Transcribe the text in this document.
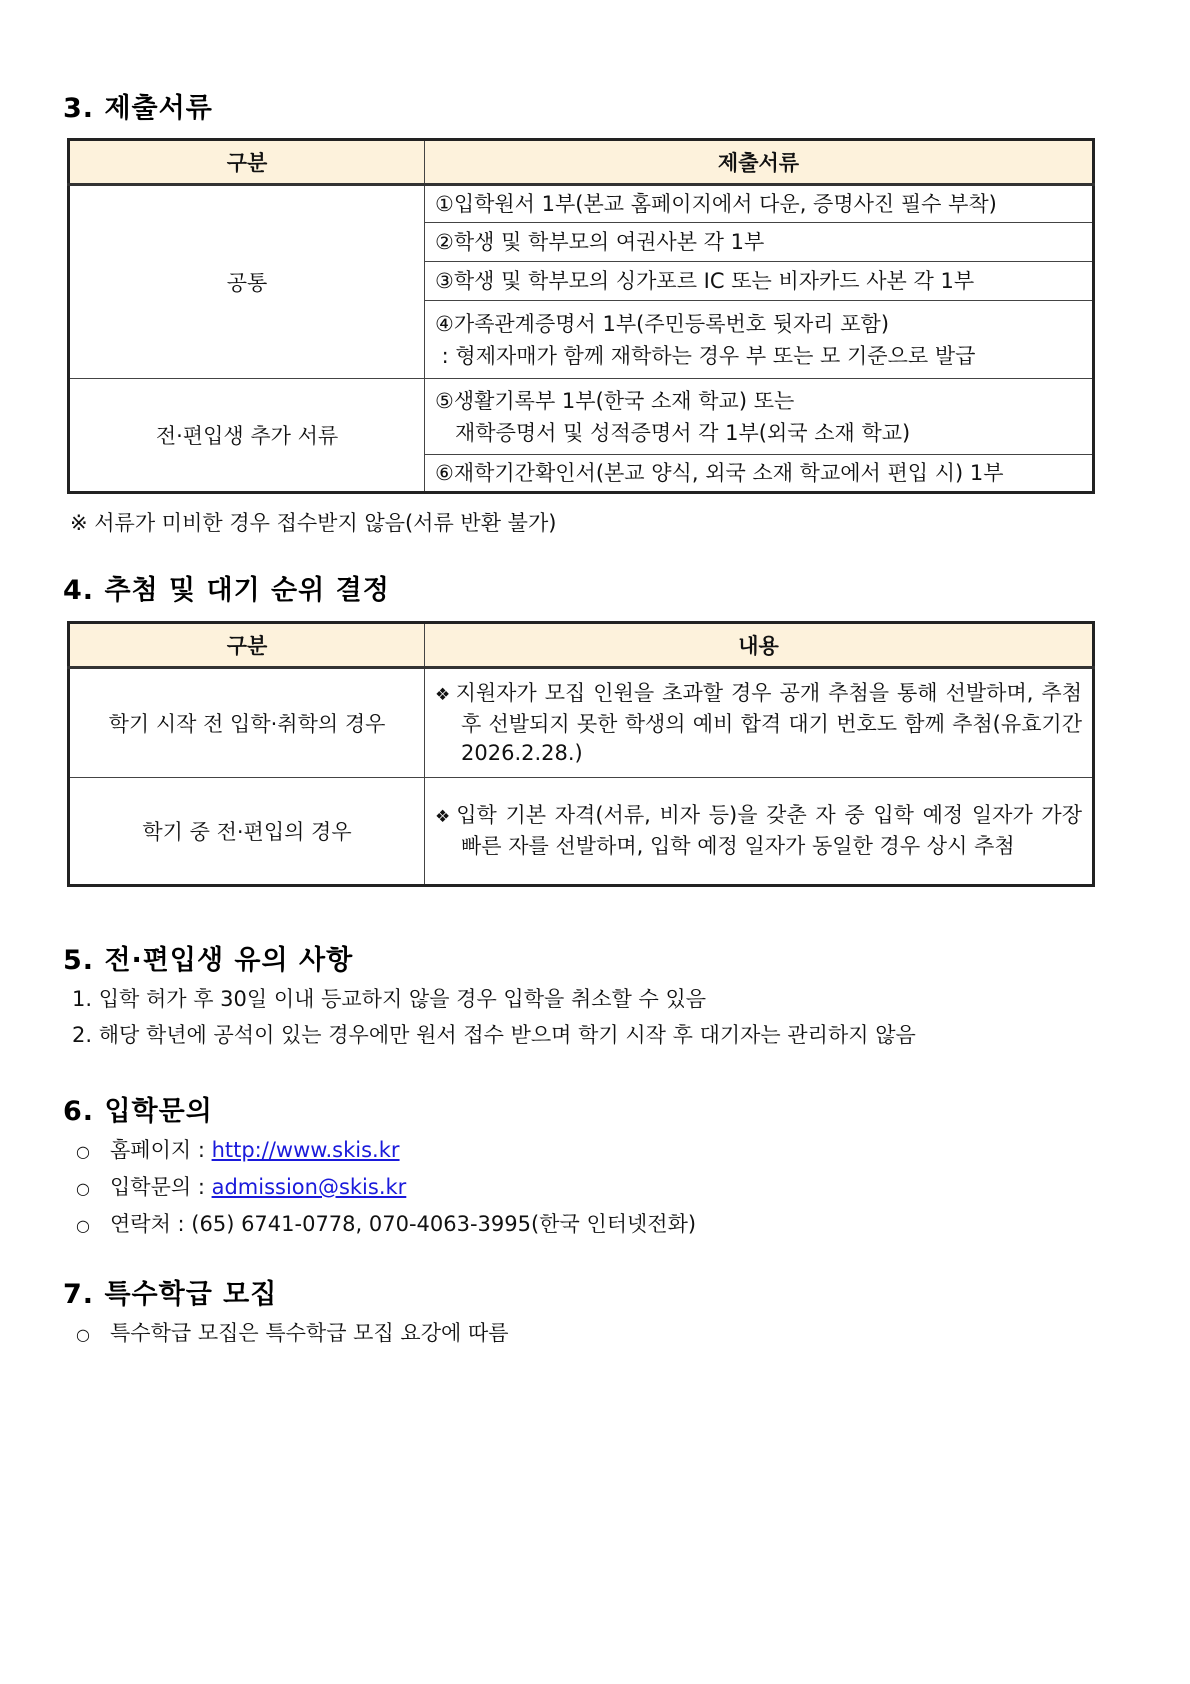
3. 제출서류
구분	제출서류
공통	①입학원서 1부(본교 홈페이지에서 다운, 증명사진 필수 부착)
	②학생 및 학부모의 여권사본 각 1부
	③학생 및 학부모의 싱가포르 IC 또는 비자카드 사본 각 1부

	④가족관계증명서 1부(주민등록번호 뒷자리 포함)
: 형제자매가 함께 재학하는 경우 부 또는 모 기준으로 발급

전·편입생 추가 서류	⑤생활기록부 1부(한국 소재 학교) 또는
재학증명서 및 성적증명서 각 1부(외국 소재 학교)

	⑥재학기간확인서(본교 양식, 외국 소재 학교에서 편입 시) 1부
※ 서류가 미비한 경우 접수받지 않음(서류 반환 불가)
4. 추첨 및 대기 순위 결정
구분	내용
학기 시작 전 입학·취학의 경우	❖ 지원자가 모집 인원을 초과할 경우 공개 추첨을 통해 선발하며, 추첨 후 선발되지 못한 학생의 예비 합격 대기 번호도 함께 추첨(유효기간 2026.2.28.)

학기 중 전·편입의 경우	❖ 입학 기본 자격(서류, 비자 등)을 갖춘 자 중 입학 예정 일자가 가장 빠른 자를 선발하며, 입학 예정 일자가 동일한 경우 상시 추첨
5. 전·편입생 유의 사항
1. 입학 허가 후 30일 이내 등교하지 않을 경우 입학을 취소할 수 있음
2. 해당 학년에 공석이 있는 경우에만 원서 접수 받으며 학기 시작 후 대기자는 관리하지 않음
6. 입학문의
○ 홈페이지 : http://www.skis.kr
○ 입학문의 : admission@skis.kr
○ 연락처 : (65) 6741-0778, 070-4063-3995(한국 인터넷전화)
7. 특수학급 모집
○ 특수학급 모집은 특수학급 모집 요강에 따름
